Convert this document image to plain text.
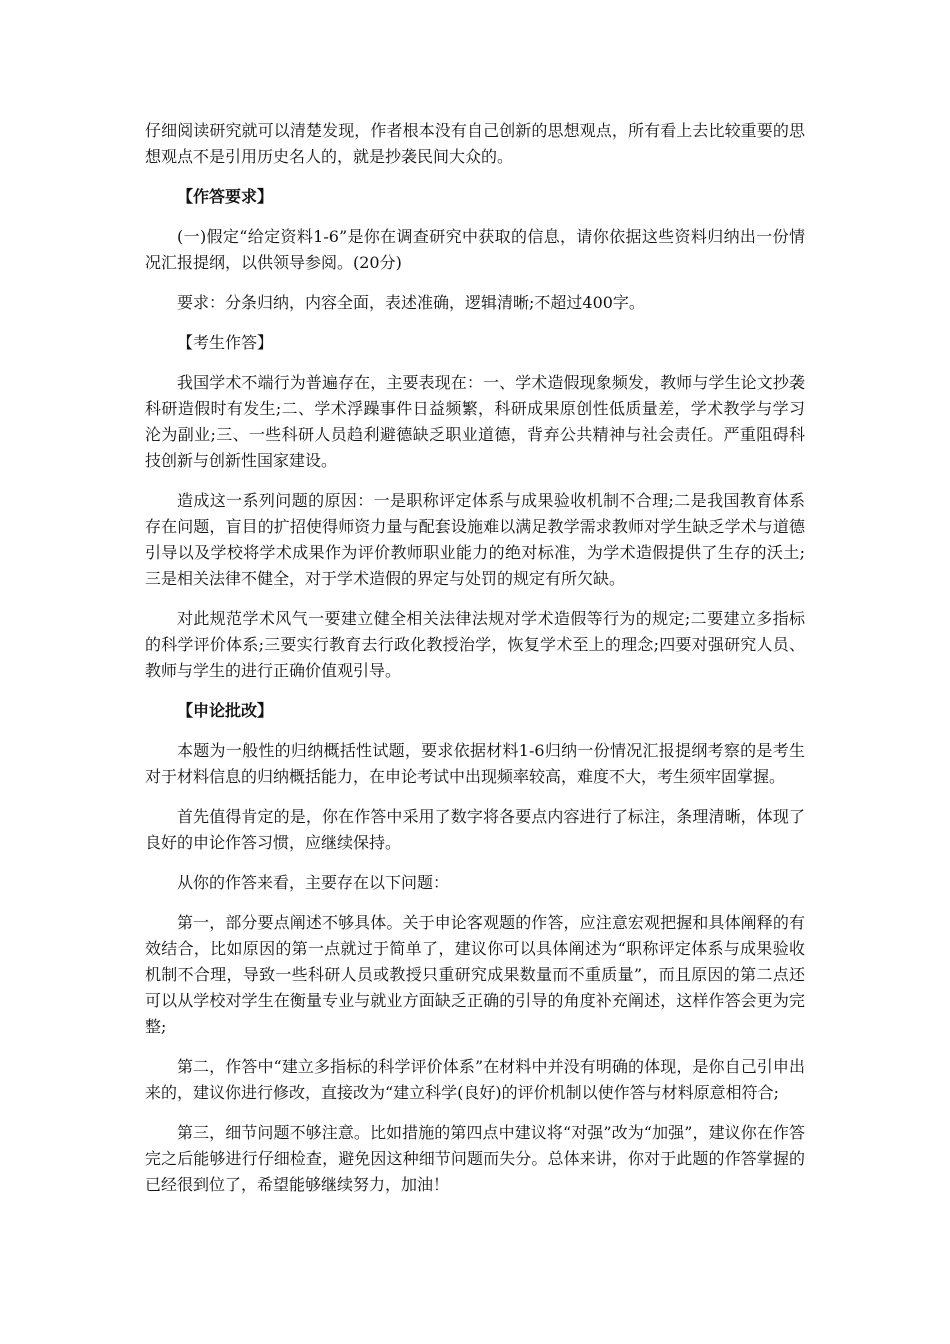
仔细阅读研究就可以清楚发现，作者根本没有自己创新的思想观点，所有看上去比较重要的思想观点不是引用历史名人的，就是抄袭民间大众的。

【作答要求】

(一)假定“给定资料1-6”是你在调查研究中获取的信息，请你依据这些资料归纳出一份情况汇报提纲，以供领导参阅。(20分)

要求：分条归纳，内容全面，表述准确，逻辑清晰;不超过400字。

【考生作答】

我国学术不端行为普遍存在，主要表现在：一、学术造假现象频发，教师与学生论文抄袭科研造假时有发生;二、学术浮躁事件日益频繁，科研成果原创性低质量差，学术教学与学习沦为副业;三、一些科研人员趋利避德缺乏职业道德，背弃公共精神与社会责任。严重阻碍科技创新与创新性国家建设。

造成这一系列问题的原因：一是职称评定体系与成果验收机制不合理;二是我国教育体系存在问题，盲目的扩招使得师资力量与配套设施难以满足教学需求教师对学生缺乏学术与道德引导以及学校将学术成果作为评价教师职业能力的绝对标准，为学术造假提供了生存的沃土;三是相关法律不健全，对于学术造假的界定与处罚的规定有所欠缺。

对此规范学术风气一要建立健全相关法律法规对学术造假等行为的规定;二要建立多指标的科学评价体系;三要实行教育去行政化教授治学，恢复学术至上的理念;四要对强研究人员、教师与学生的进行正确价值观引导。

【申论批改】

本题为一般性的归纳概括性试题，要求依据材料1-6归纳一份情况汇报提纲考察的是考生对于材料信息的归纳概括能力，在申论考试中出现频率较高，难度不大，考生须牢固掌握。

首先值得肯定的是，你在作答中采用了数字将各要点内容进行了标注，条理清晰，体现了良好的申论作答习惯，应继续保持。

从你的作答来看，主要存在以下问题：

第一，部分要点阐述不够具体。关于申论客观题的作答，应注意宏观把握和具体阐释的有效结合，比如原因的第一点就过于简单了，建议你可以具体阐述为“职称评定体系与成果验收机制不合理，导致一些科研人员或教授只重研究成果数量而不重质量”，而且原因的第二点还可以从学校对学生在衡量专业与就业方面缺乏正确的引导的角度补充阐述，这样作答会更为完整;

第二，作答中“建立多指标的科学评价体系”在材料中并没有明确的体现，是你自己引申出来的，建议你进行修改，直接改为“建立科学(良好)的评价机制以使作答与材料原意相符合;

第三，细节问题不够注意。比如措施的第四点中建议将“对强”改为“加强”，建议你在作答完之后能够进行仔细检查，避免因这种细节问题而失分。总体来讲，你对于此题的作答掌握的已经很到位了，希望能够继续努力，加油！
